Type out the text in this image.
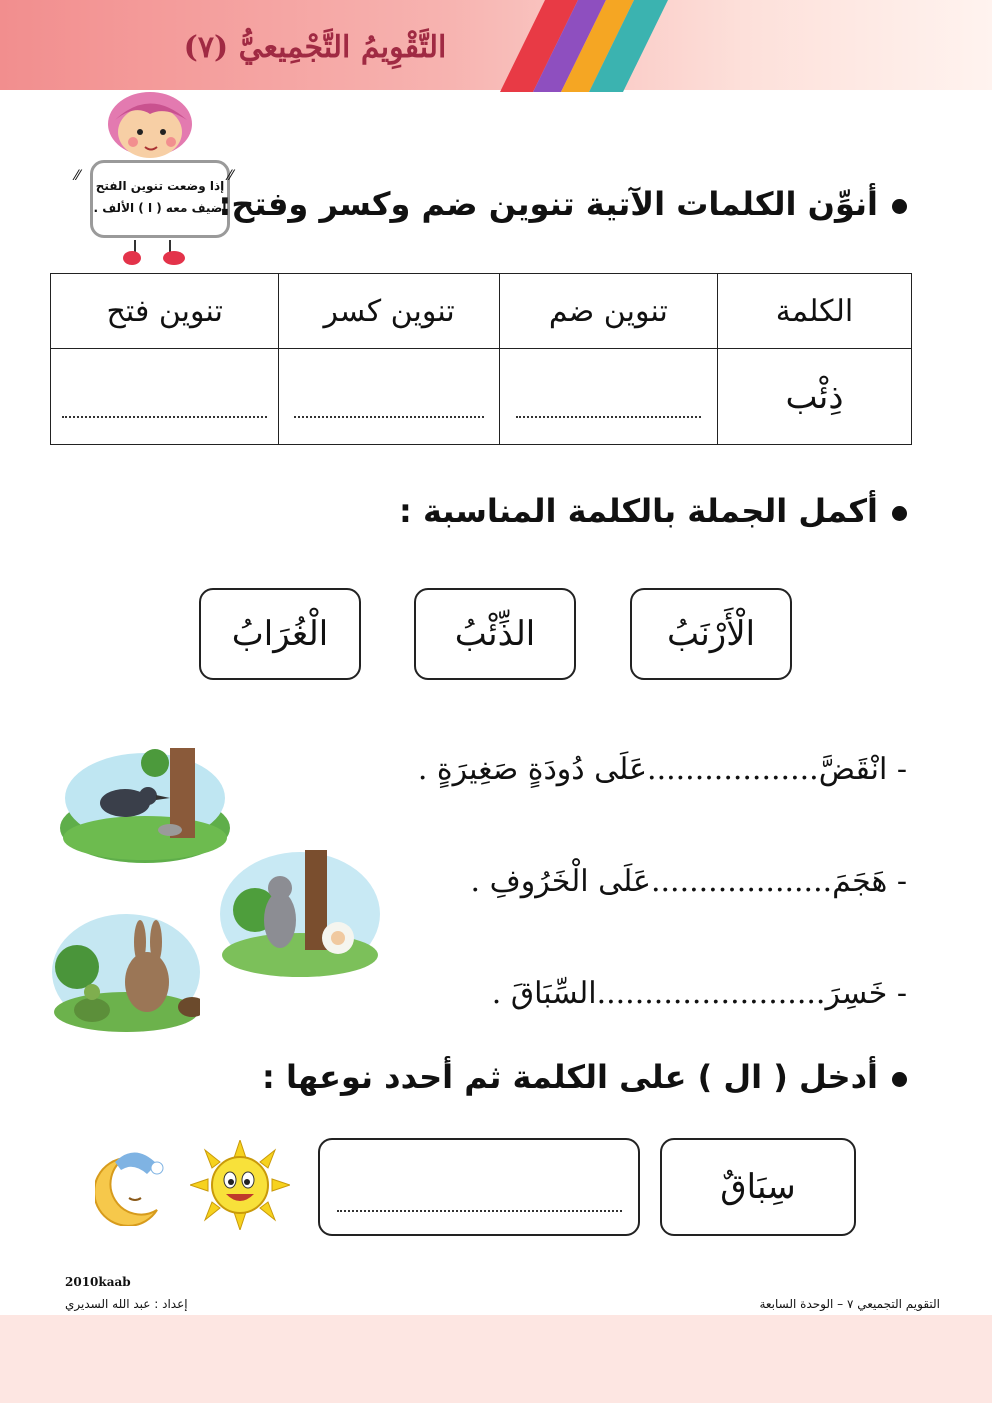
التَّقْوِيمُ التَّجْمِيعيُّ (٧)
إذا وضعت تنوين الفتح
أضيف معه ( ا ) الألف .
⁄⁄	⁄⁄
أنوِّن الكلمات الآتية تنوين ضم وكسر وفتح:
الكلمة	تنوين ضم	تنوين كسر	تنوين فتح
ذِئْب	

أكمل الجملة بالكلمة المناسبة :
الْأَرْنَبُ
الذِّئْبُ
الْغُرَابُ
- انْقَضَّ..................عَلَى دُودَةٍ صَغِيرَةٍ .
- هَجَمَ...................عَلَى الْخَرُوفِ .
- خَسِرَ........................السِّبَاقَ .
أدخل ( ال ) على الكلمة ثم أحدد نوعها :
سِبَاقٌ
2010kaab
إعداد : عبد الله السديري	التقويم التجميعي ٧ – الوحدة السابعة
